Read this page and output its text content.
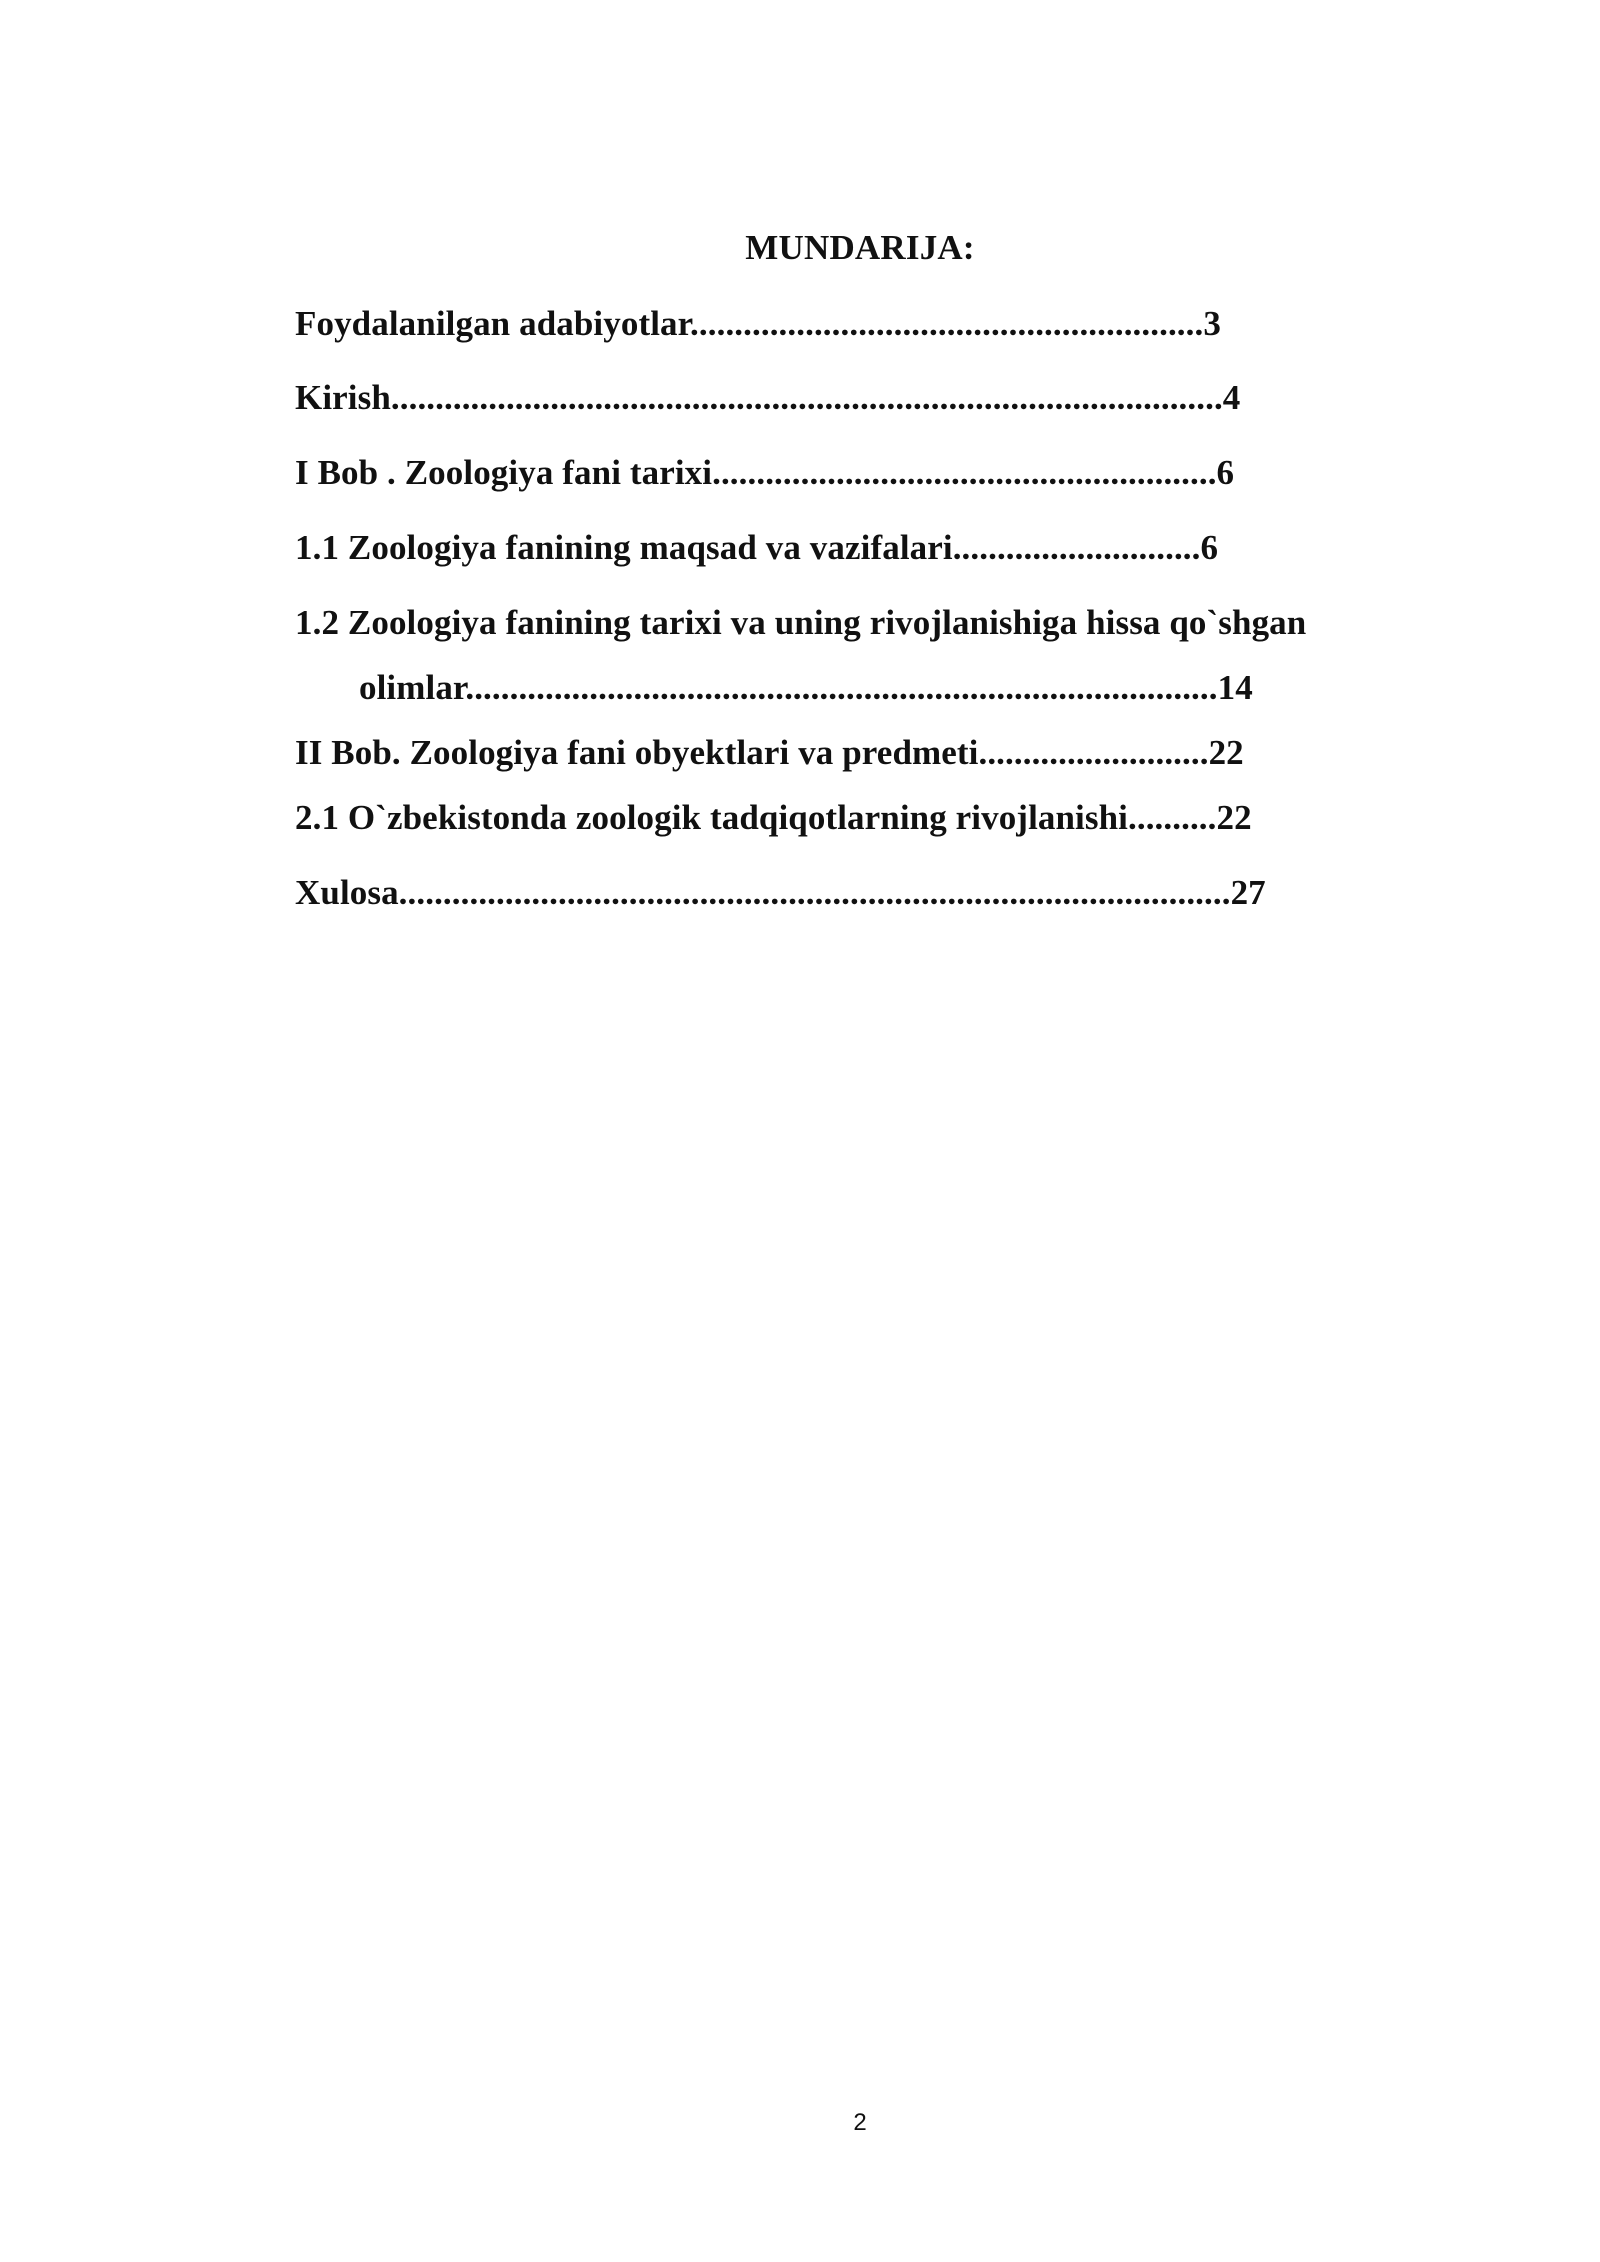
MUNDARIJA:
Foydalanilgan adabiyotlar..........................................................3
Kirish..............................................................................................4
I Bob . Zoologiya fani tarixi.........................................................6
1.1 Zoologiya fanining maqsad va vazifalari............................6
1.2 Zoologiya fanining tarixi va uning rivojlanishiga hissa qo`shgan
olimlar.....................................................................................14
II Bob. Zoologiya fani obyektlari va predmeti..........................22
2.1 O`zbekistonda zoologik tadqiqotlarning rivojlanishi..........22
Xulosa..............................................................................................27
2
